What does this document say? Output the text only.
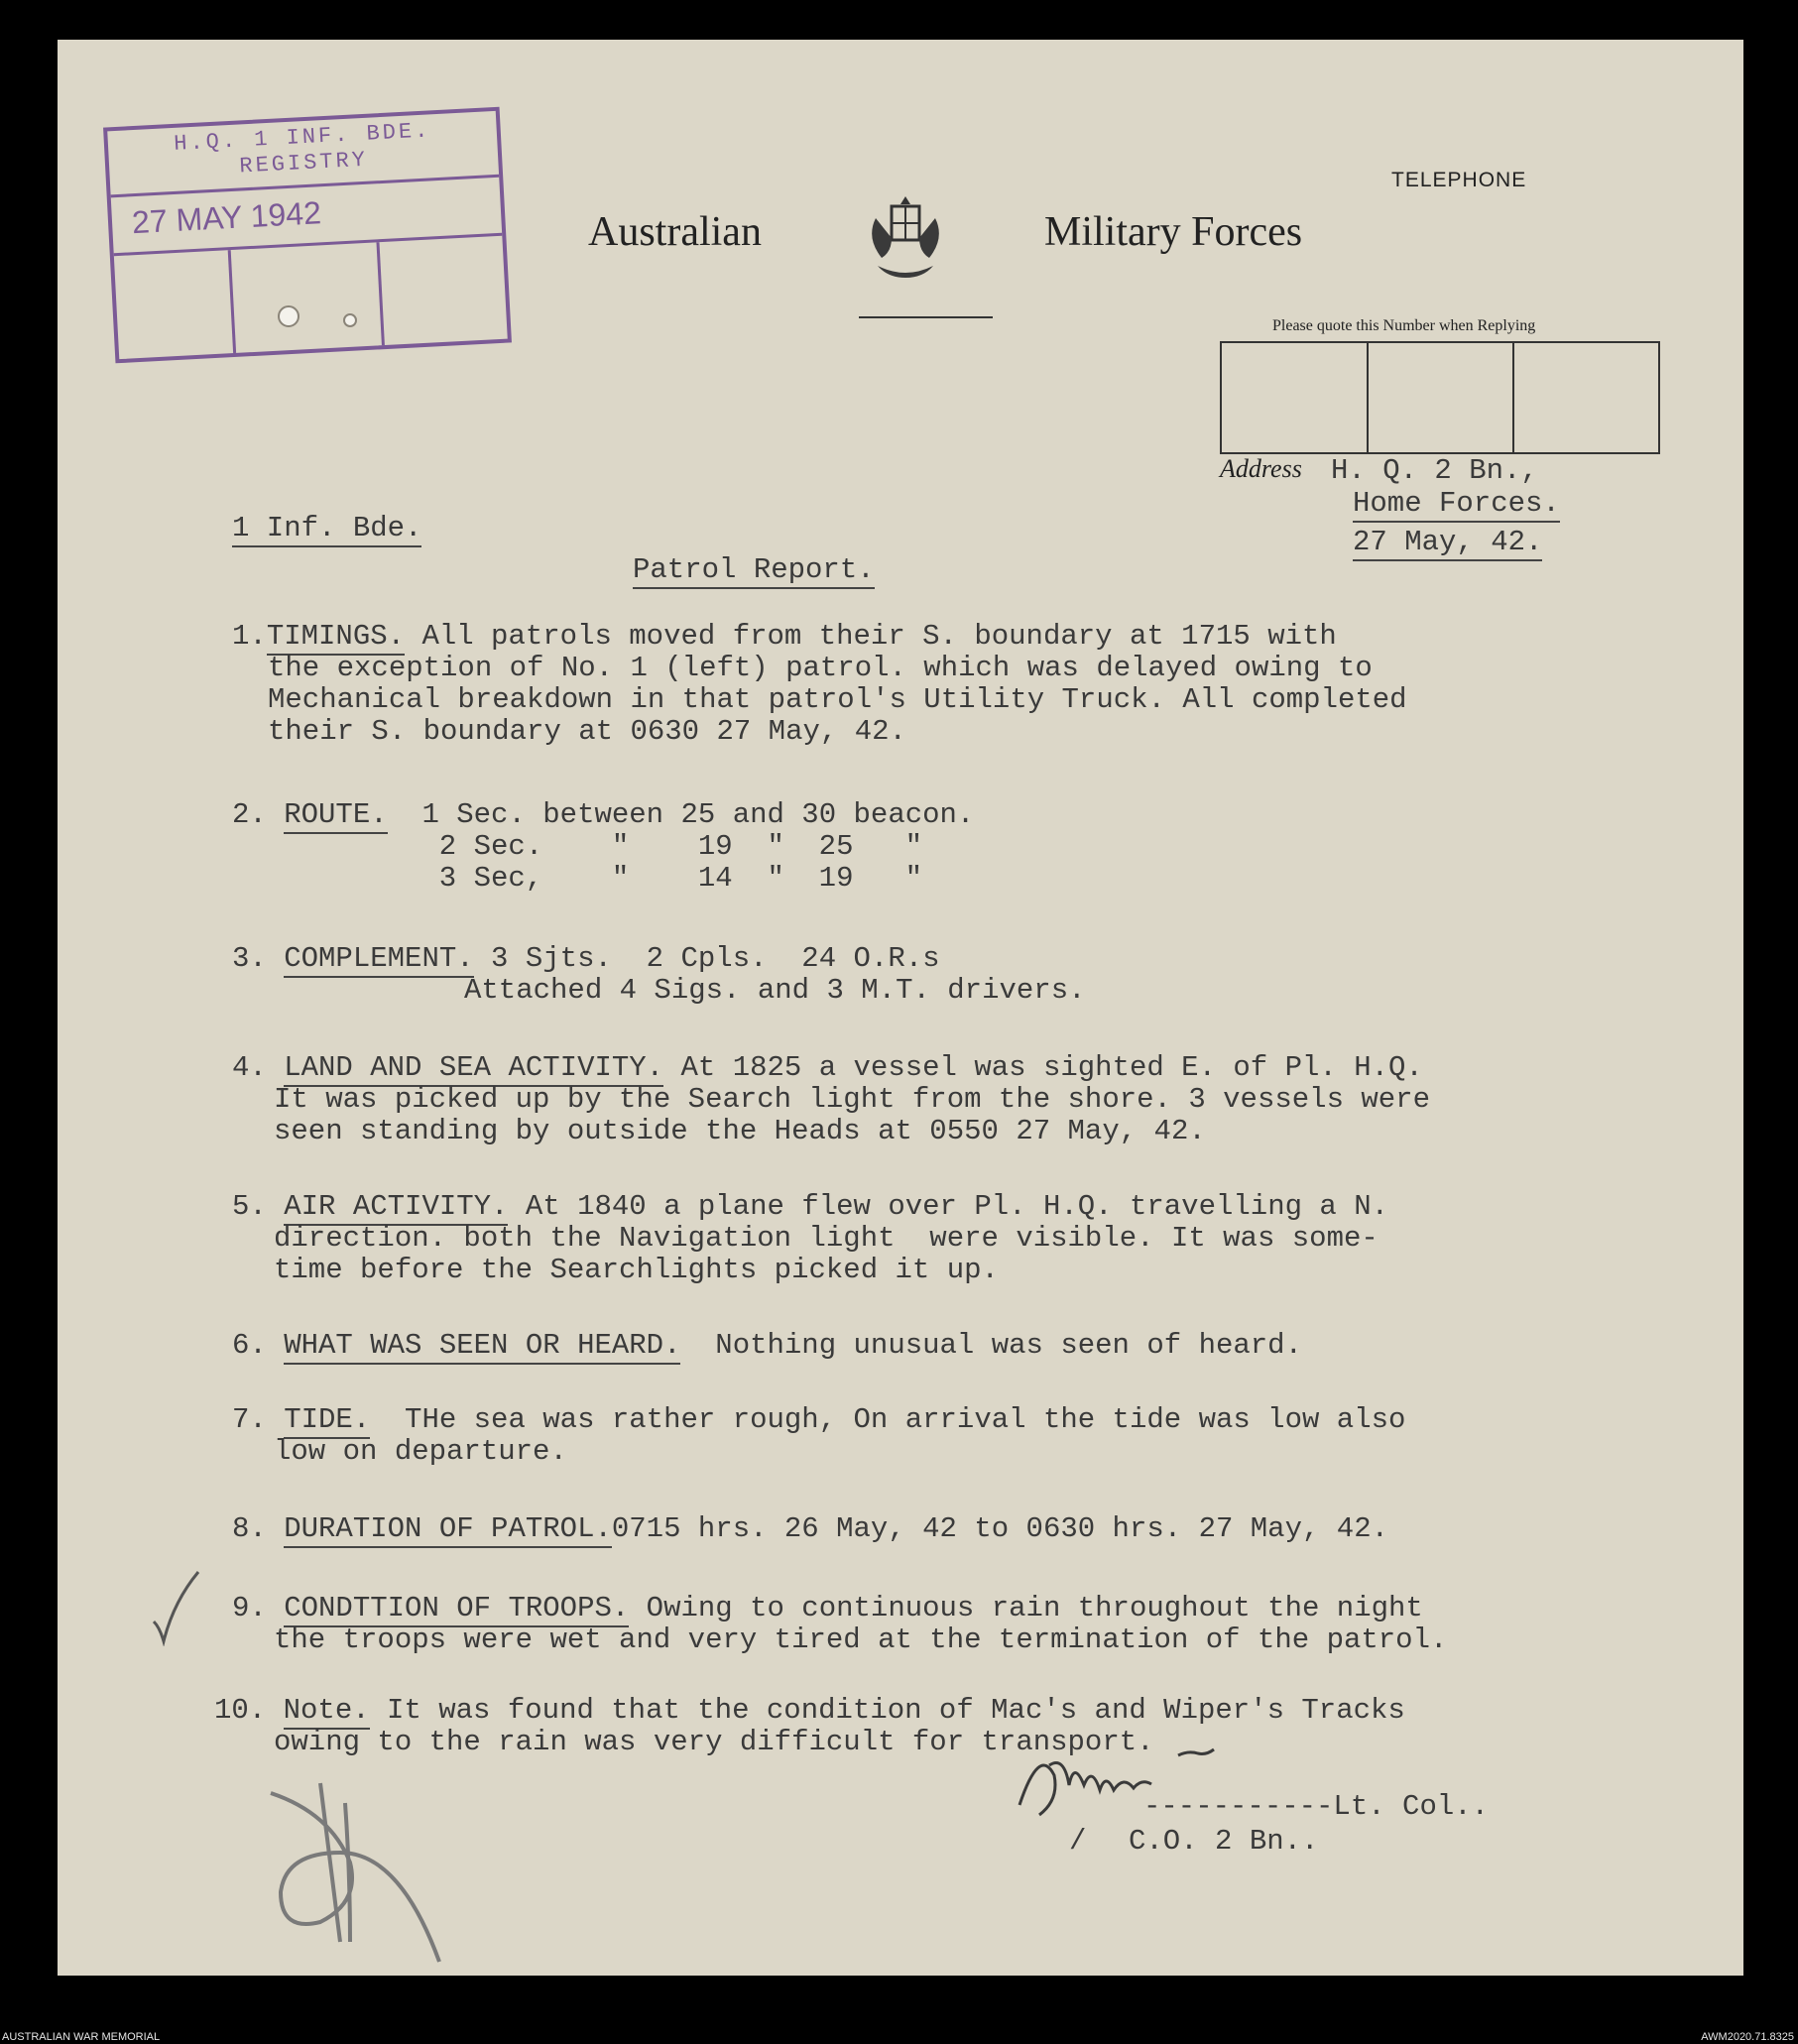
H.Q. 1 INF. BDE.
REGISTRY
27 MAY 1942	Australian	Military Forces
TELEPHONE
Please quote this Number when Replying
Address H. Q. 2 Bn.,
Home Forces.
27 May, 42.
1 Inf. Bde.
Patrol Report.
1.TIMINGS. All patrols moved from their S. boundary at 1715 with
the exception of No. 1 (left) patrol. which was delayed owing to
Mechanical breakdown in that patrol's Utility Truck. All completed
their S. boundary at 0630 27 May, 42.
2. ROUTE.  1 Sec. between 25 and 30 beacon.
2 Sec.    "    19  "  25   "
3 Sec,    "    14  "  19   "
3. COMPLEMENT. 3 Sjts.  2 Cpls.  24 O.R.s
Attached 4 Sigs. and 3 M.T. drivers.
4. LAND AND SEA ACTIVITY. At 1825 a vessel was sighted E. of Pl. H.Q.
It was picked up by the Search light from the shore. 3 vessels were
seen standing by outside the Heads at 0550 27 May, 42.
5. AIR ACTIVITY. At 1840 a plane flew over Pl. H.Q. travelling a N.
direction. both the Navigation light  were visible. It was some-
time before the Searchlights picked it up.
6. WHAT WAS SEEN OR HEARD.  Nothing unusual was seen of heard.
7. TIDE.  THe sea was rather rough, On arrival the tide was low also
low on departure.
8. DURATION OF PATROL.0715 hrs. 26 May, 42 to 0630 hrs. 27 May, 42.
9. CONDTTION OF TROOPS. Owing to continuous rain throughout the night
the troops were wet and very tired at the termination of the patrol.
10. Note. It was found that the condition of Mac's and Wiper's Tracks
owing to the rain was very difficult for transport.
-----------Lt. Col..
/ C.O. 2 Bn..
AUSTRALIAN WAR MEMORIAL	AWM2020.71.8325
